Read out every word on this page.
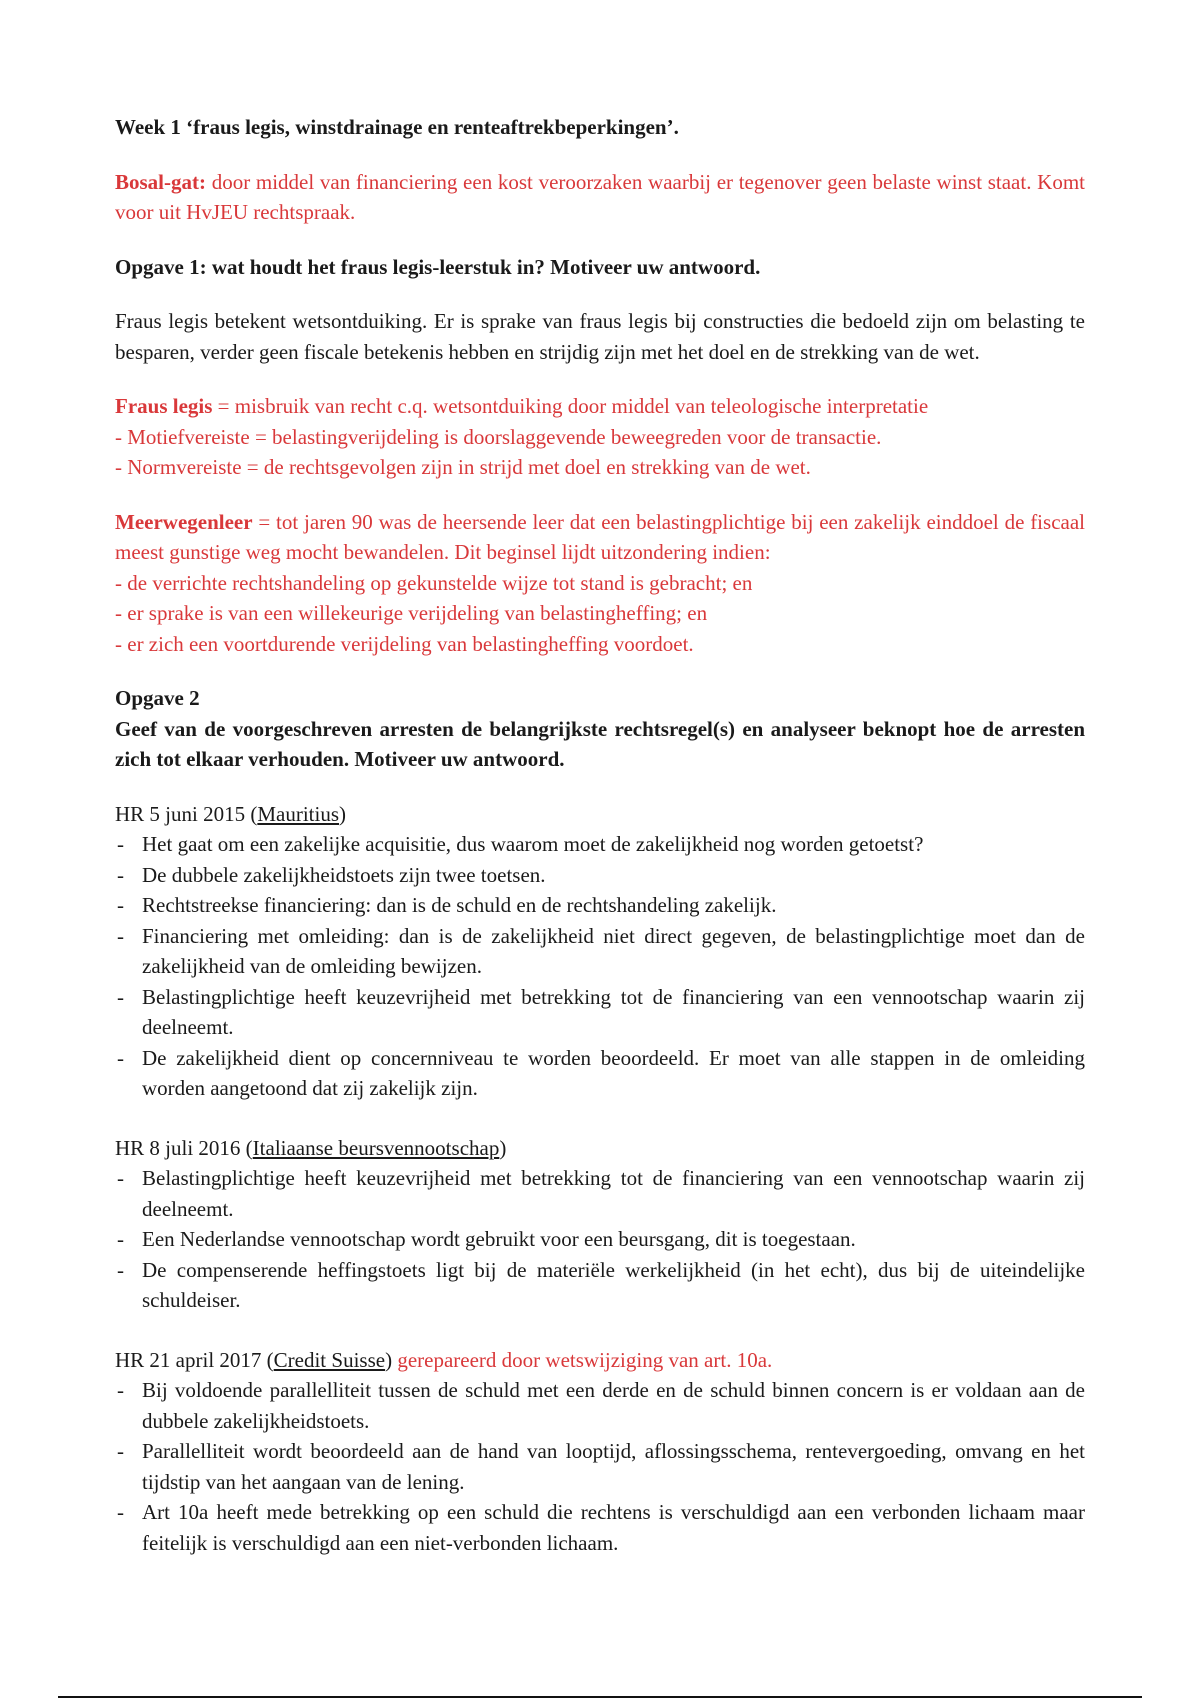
Week 1 ‘fraus legis, winstdrainage en renteaftrekbeperkingen’.

Bosal-gat: door middel van financiering een kost veroorzaken waarbij er tegenover geen belaste winst staat. Komt voor uit HvJEU rechtspraak.

Opgave 1: wat houdt het fraus legis-leerstuk in? Motiveer uw antwoord.

Fraus legis betekent wetsontduiking. Er is sprake van fraus legis bij constructies die bedoeld zijn om belasting te besparen, verder geen fiscale betekenis hebben en strijdig zijn met het doel en de strekking van de wet.

Fraus legis = misbruik van recht c.q. wetsontduiking door middel van teleologische interpretatie
- Motiefvereiste = belastingverijdeling is doorslaggevende beweegreden voor de transactie.
- Normvereiste = de rechtsgevolgen zijn in strijd met doel en strekking van de wet.

Meerwegenleer = tot jaren 90 was de heersende leer dat een belastingplichtige bij een zakelijk einddoel de fiscaal meest gunstige weg mocht bewandelen. Dit beginsel lijdt uitzondering indien:
- de verrichte rechtshandeling op gekunstelde wijze tot stand is gebracht; en
- er sprake is van een willekeurige verijdeling van belastingheffing; en
- er zich een voortdurende verijdeling van belastingheffing voordoet.

Opgave 2
Geef van de voorgeschreven arresten de belangrijkste rechtsregel(s) en analyseer beknopt hoe de arresten zich tot elkaar verhouden. Motiveer uw antwoord.

HR 5 juni 2015 (Mauritius)
- Het gaat om een zakelijke acquisitie, dus waarom moet de zakelijkheid nog worden getoetst?
- De dubbele zakelijkheidstoets zijn twee toetsen.
- Rechtstreekse financiering: dan is de schuld en de rechtshandeling zakelijk.
- Financiering met omleiding: dan is de zakelijkheid niet direct gegeven, de belastingplichtige moet dan de zakelijkheid van de omleiding bewijzen.
- Belastingplichtige heeft keuzevrijheid met betrekking tot de financiering van een vennootschap waarin zij deelneemt.
- De zakelijkheid dient op concernniveau te worden beoordeeld. Er moet van alle stappen in de omleiding worden aangetoond dat zij zakelijk zijn.
HR 8 juli 2016 (Italiaanse beursvennootschap)
- Belastingplichtige heeft keuzevrijheid met betrekking tot de financiering van een vennootschap waarin zij deelneemt.
- Een Nederlandse vennootschap wordt gebruikt voor een beursgang, dit is toegestaan.
- De compenserende heffingstoets ligt bij de materiële werkelijkheid (in het echt), dus bij de uiteindelijke schuldeiser.
HR 21 april 2017 (Credit Suisse) gerepareerd door wetswijziging van art. 10a.
- Bij voldoende parallelliteit tussen de schuld met een derde en de schuld binnen concern is er voldaan aan de dubbele zakelijkheidstoets.
- Parallelliteit wordt beoordeeld aan de hand van looptijd, aflossingsschema, rentevergoeding, omvang en het tijdstip van het aangaan van de lening.
- Art 10a heeft mede betrekking op een schuld die rechtens is verschuldigd aan een verbonden lichaam maar feitelijk is verschuldigd aan een niet-verbonden lichaam.
